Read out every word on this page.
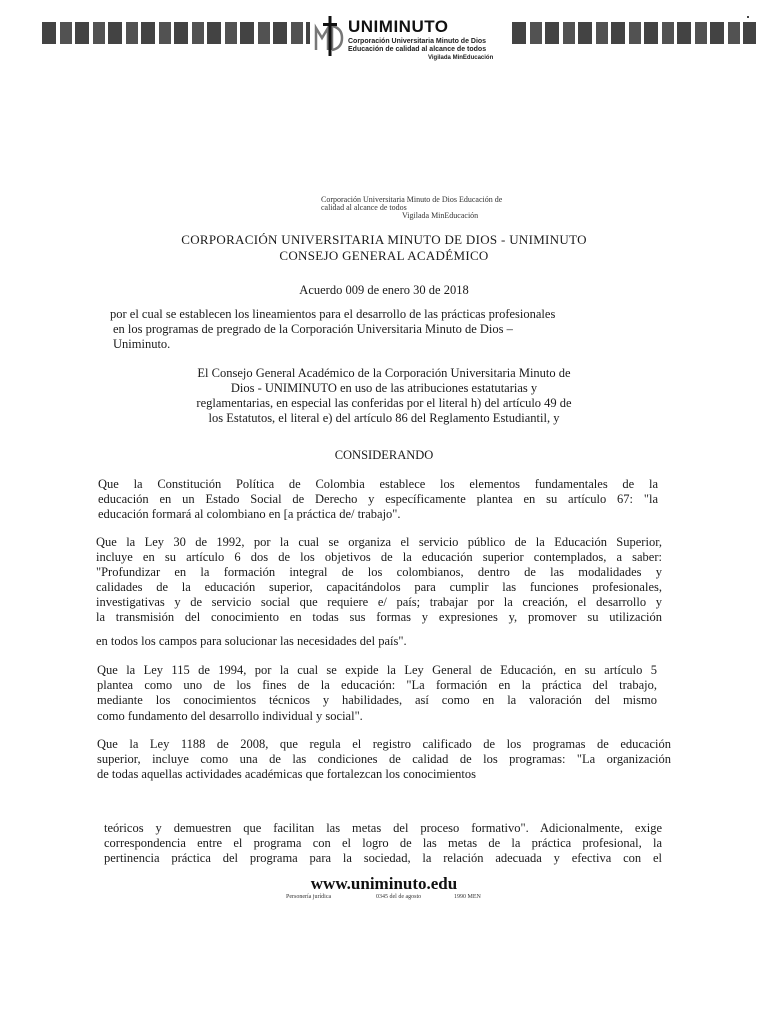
UNIMINUTO
Corporación Universitaria Minuto de Dios
Educación de calidad al alcance de todos
Vigilada MinEducación
Corporación Universitaria Minuto de Dios Educación de
calidad al alcance de todos
Vigilada MinEducación
CORPORACIÓN UNIVERSITARIA MINUTO DE DIOS - UNIMINUTO
CONSEJO GENERAL ACADÉMICO
Acuerdo 009 de enero 30 de 2018
por el cual se establecen los lineamientos para el desarrollo de las prácticas profesionales
en los programas de pregrado de la Corporación Universitaria Minuto de Dios –
Uniminuto.
El Consejo General Académico de la Corporación Universitaria Minuto de
Dios - UNIMINUTO en uso de las atribuciones estatutarias y
reglamentarias, en especial las conferidas por el literal h) del artículo 49 de
los Estatutos, el literal e) del artículo 86 del Reglamento Estudiantil, y
CONSIDERANDO
Que la Constitución Política de Colombia establece los elementos fundamentales de la
educación en un Estado Social de Derecho y específicamente plantea en su artículo 67: "la
educación formará al colombiano en [a práctica de/ trabajo".
Que la Ley 30 de 1992, por la cual se organiza el servicio público de la Educación Superior,
incluye en su artículo 6 dos de los objetivos de la educación superior contemplados, a saber:
"Profundizar en la formación integral de los colombianos, dentro de las modalidades y
calidades de la educación superior, capacitándolos para cumplir las funciones profesionales,
investigativas y de servicio social que requiere e/ país; trabajar por la creación, el desarrollo y
la transmisión del conocimiento en todas sus formas y expresiones y, promover su utilización
en todos los campos para solucionar las necesidades del país".
Que la Ley 115 de 1994, por la cual se expide la Ley General de Educación, en su artículo 5
plantea como uno de los fines de la educación: "La formación en la práctica del trabajo,
mediante los conocimientos técnicos y habilidades, así como en la valoración del mismo
como fundamento del desarrollo individual y social".
Que la Ley 1188 de 2008, que regula el registro calificado de los programas de educación
superior, incluye como una de las condiciones de calidad de los programas: "La organización
de todas aquellas actividades académicas que fortalezcan los conocimientos
teóricos y demuestren que facilitan las metas del proceso formativo". Adicionalmente, exige
correspondencia entre el programa con el logro de las metas de la práctica profesional, la
pertinencia práctica del programa para la sociedad, la relación adecuada y efectiva con el
www.uniminuto.edu
Personería jurídica	0345 del de agosto	1990 MEN
